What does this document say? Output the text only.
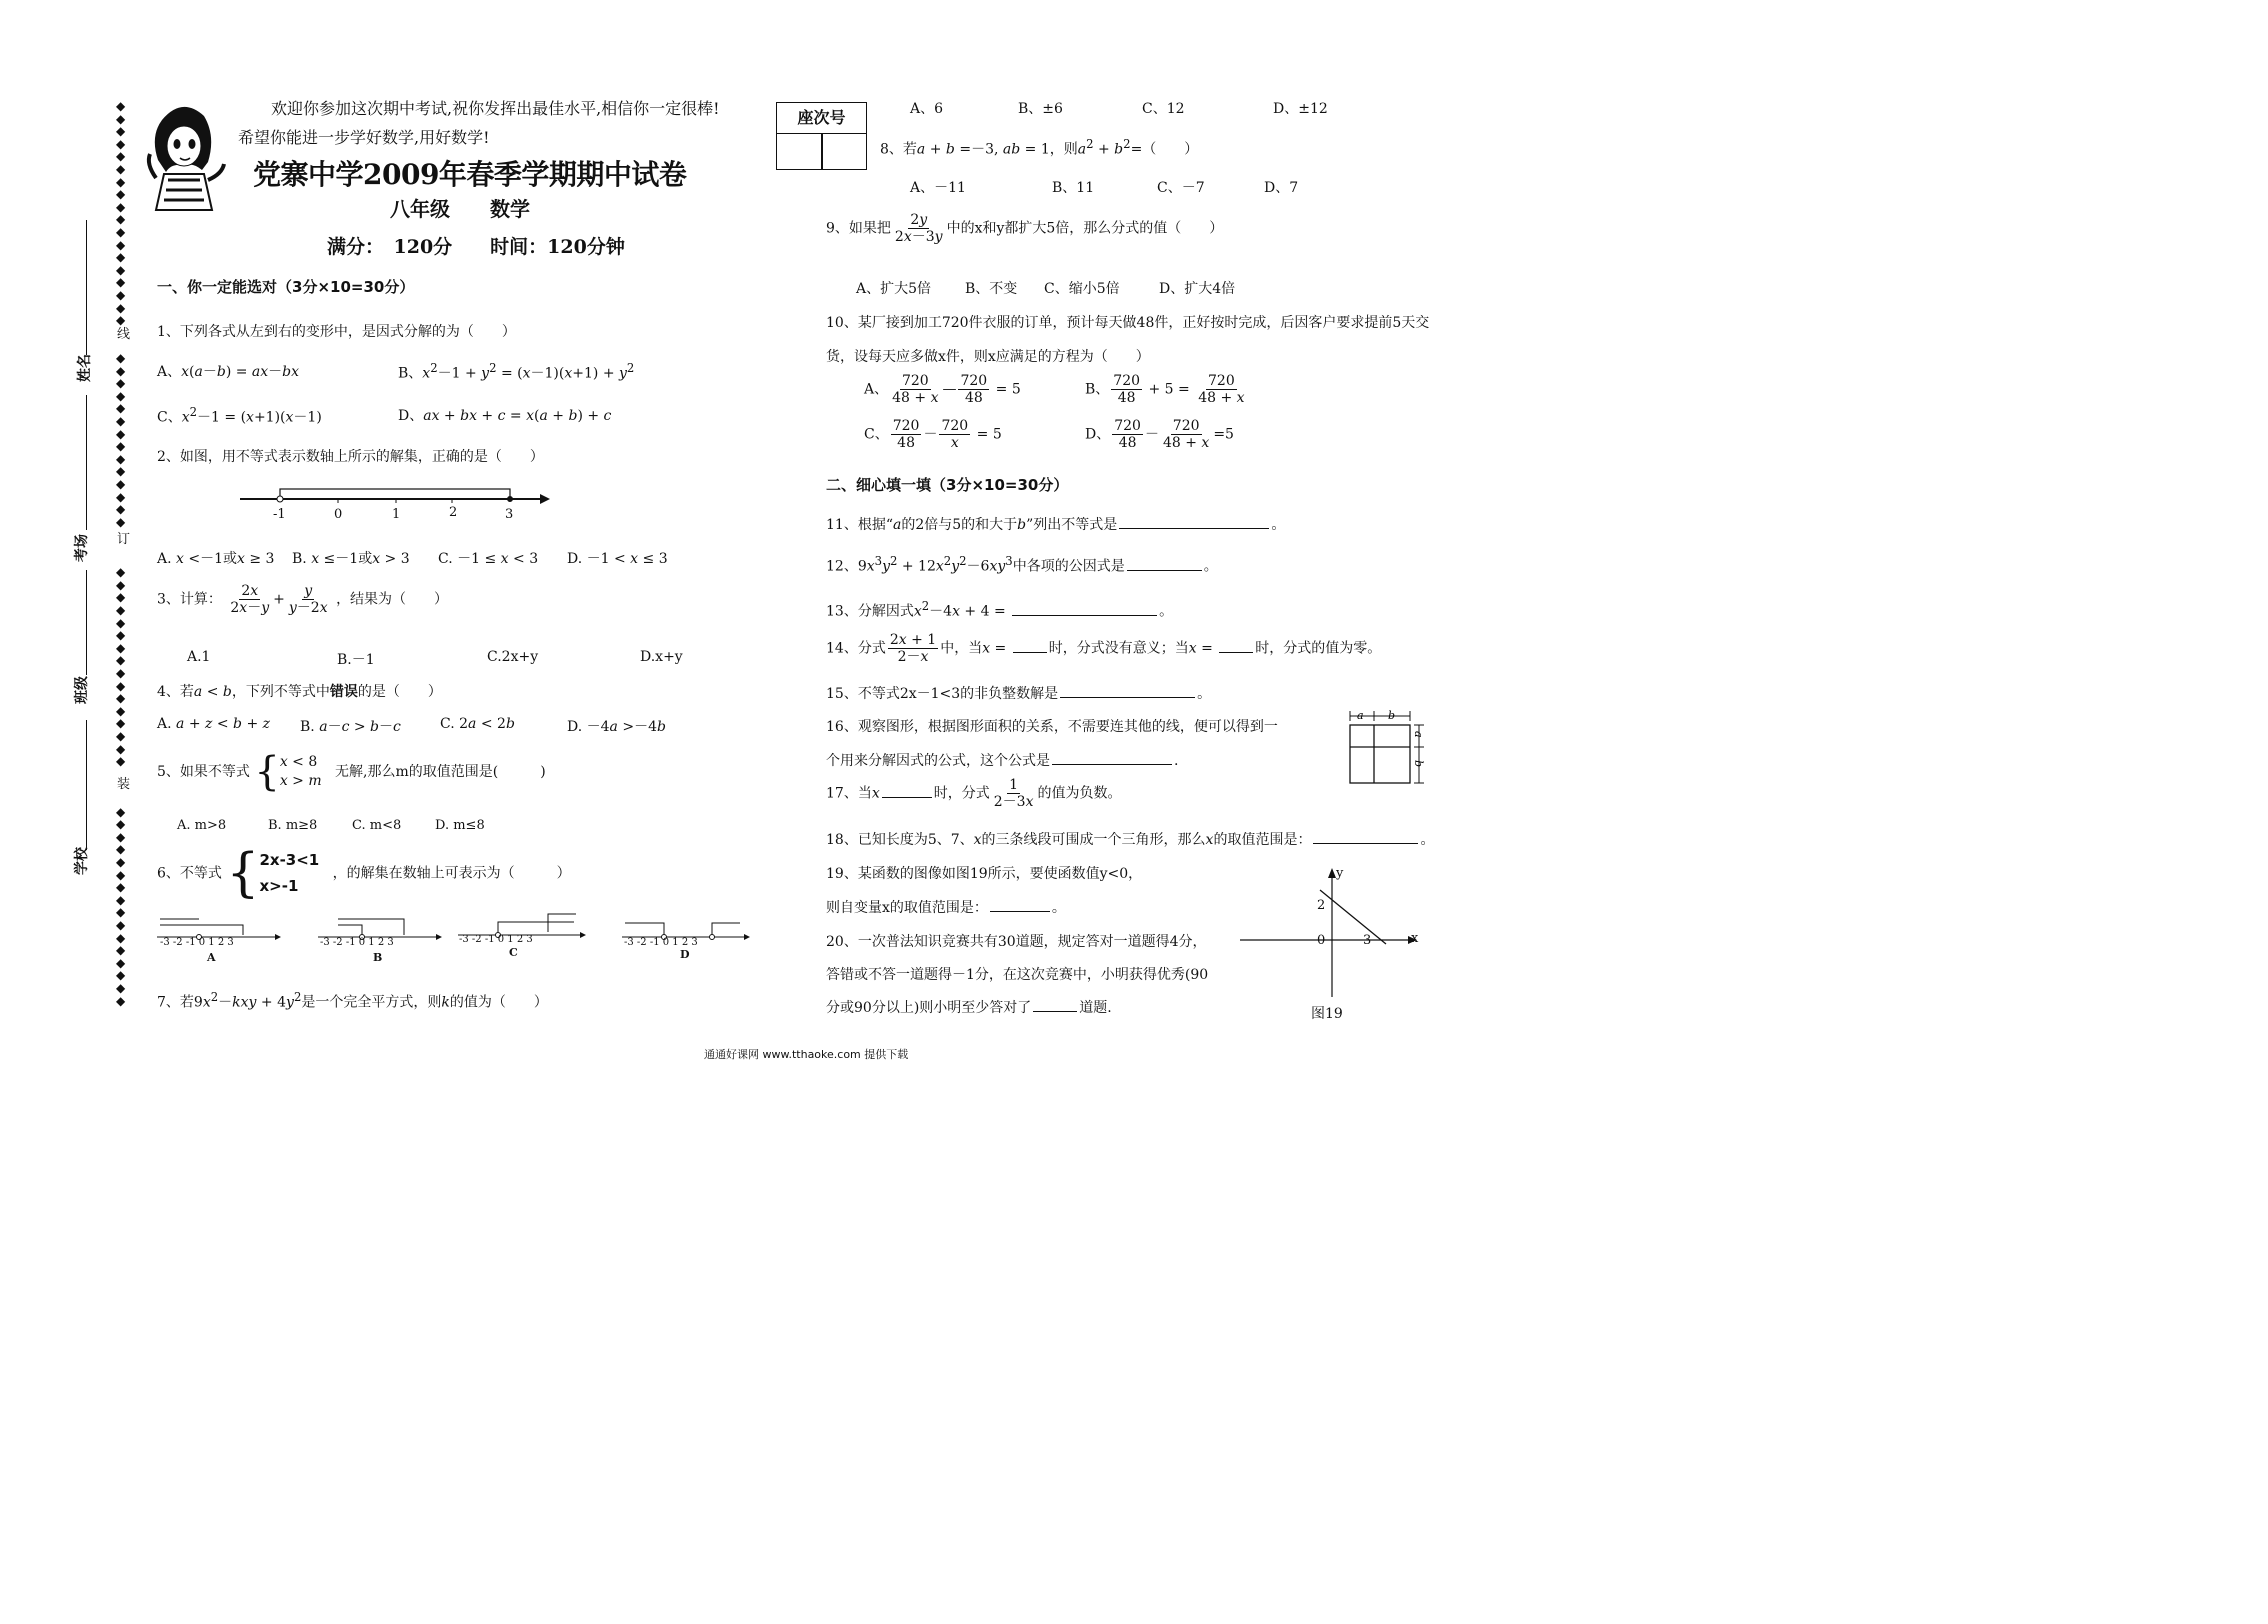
◆
◆
◆
◆
◆
◆
◆
◆
◆
◆
◆
◆
◆
◆
◆
◆
◆
◆
◆
◆
◆
◆
◆
◆
◆
◆
◆
◆
◆
◆
◆
◆
◆
◆
◆
◆
◆
◆
◆
◆
◆
◆
◆
◆
◆
◆
◆
◆
◆
◆
◆
◆
◆
◆
◆
◆
◆
◆
◆
◆
◆
◆
◆
◆
线
订
装
姓名
考场
班级
学校
欢迎你参加这次期中考试,祝你发挥出最佳水平,相信你一定很棒!
希望你能进一步学好数学,用好数学!
党寨中学2009年春季学期期中试卷
八年级　　数学
满分：　120分　　时间：120分钟
座次号
一、你一定能选对（3分×10=30分）
1、下列各式从左到右的变形中，是因式分解的为（　　）
A、x(a－b) = ax－bx	B、$x^2-1 + y^2 = (x-1)(x+1) + y^2$
C、$x^2-1 = (x+1)(x-1)$	D、ax + bx + c = x(a + b) + c
2、如图，用不等式表示数轴上所示的解集，正确的是（　　）
-1	0	1	2	3
A. x <－1或x ≥ 3 B. x ≤－1或x > 3 C. －1 ≤ x < 3 D. －1 < x ≤ 3
3、计算： $\frac{2x}{2x-y} + \frac{y}{y-2x}$ ，结果为（　　）
A.1	B.－1	C.2x+y	D.x+y
4、若a < b，下列不等式中错误的是（　　）
A. a + z < b + z B. a－c > b－c	C. 2a < 2b	D. －4a >－4b
5、如果不等式 { x < 8
x > m
无解,那么m的取值范围是(　　　)
A. m>8	B. m≥8	C. m<8	D. m≤8
6、不等式 { 2x-3<1
x>-1
，的解集在数轴上可表示为（　　　）
-3 -2 -1 0 1 2 3
A
-3 -2 -1 0 1 2 3
B
-3 -2 -1 0 1 2 3
C
-3 -2 -1 0 1 2 3
D
7、若$9x^2-kxy + 4y^2$是一个完全平方式，则k的值为（　　）
A、6	B、±6	C、12	D、±12
8、若a + b =－3, ab = 1，则$a^2 + b^2=$（　　）
A、－11	B、11	C、－7	D、7
9、如果把 $\frac{2y}{2x-3y}$ 中的x和y都扩大5倍，那么分式的值（　　）
A、扩大5倍 B、不变 C、缩小5倍	D、扩大4倍
10、某厂接到加工720件衣服的订单，预计每天做48件，正好按时完成，后因客户要求提前5天交
货，设每天应多做x件，则x应满足的方程为（　　）
A、 $\frac{720}{48 + x}$ — $\frac{720}{48} = 5$	B、 $\frac{720}{48} + 5 = \frac{720}{48 + x}$
C、 $\frac{720}{48} - \frac{720}{x} = 5$	D、 $\frac{720}{48} - \frac{720}{48 + x} =5$
二、细心填一填（3分×10=30分）
11、根据“a的2倍与5的和大于b”列出不等式是	。
12、$9x^3y^2 + 12x^2y^2-6xy^3$中各项的公因式是	。
13、分解因式$x^2-4x + 4$ =	。
14、分式 $\frac{2x + 1}{2-x}$ 中，当x =	时，分式没有意义；当x =	时，分式的值为零。
15、不等式2x－1<3的非负整数解是	。
16、观察图形，根据图形面积的关系，不需要连其他的线，便可以得到一
个用来分解因式的公式，这个公式是	.
a b
a
b
17、当x	时，分式 $\frac{1}{2-3x}$ 的值为负数。
18、已知长度为5、7、x的三条线段可围成一个三角形，那么x的取值范围是：	。
19、某函数的图像如图19所示，要使函数值y<0，
则自变量x的取值范围是：	。
20、一次普法知识竞赛共有30道题，规定答对一道题得4分，
答错或不答一道题得－1分，在这次竞赛中，小明获得优秀(90
分或90分以上)则小明至少答对了	道题.
y
x
0
2
3
图19
通通好课网 www.tthaoke.com 提供下载
